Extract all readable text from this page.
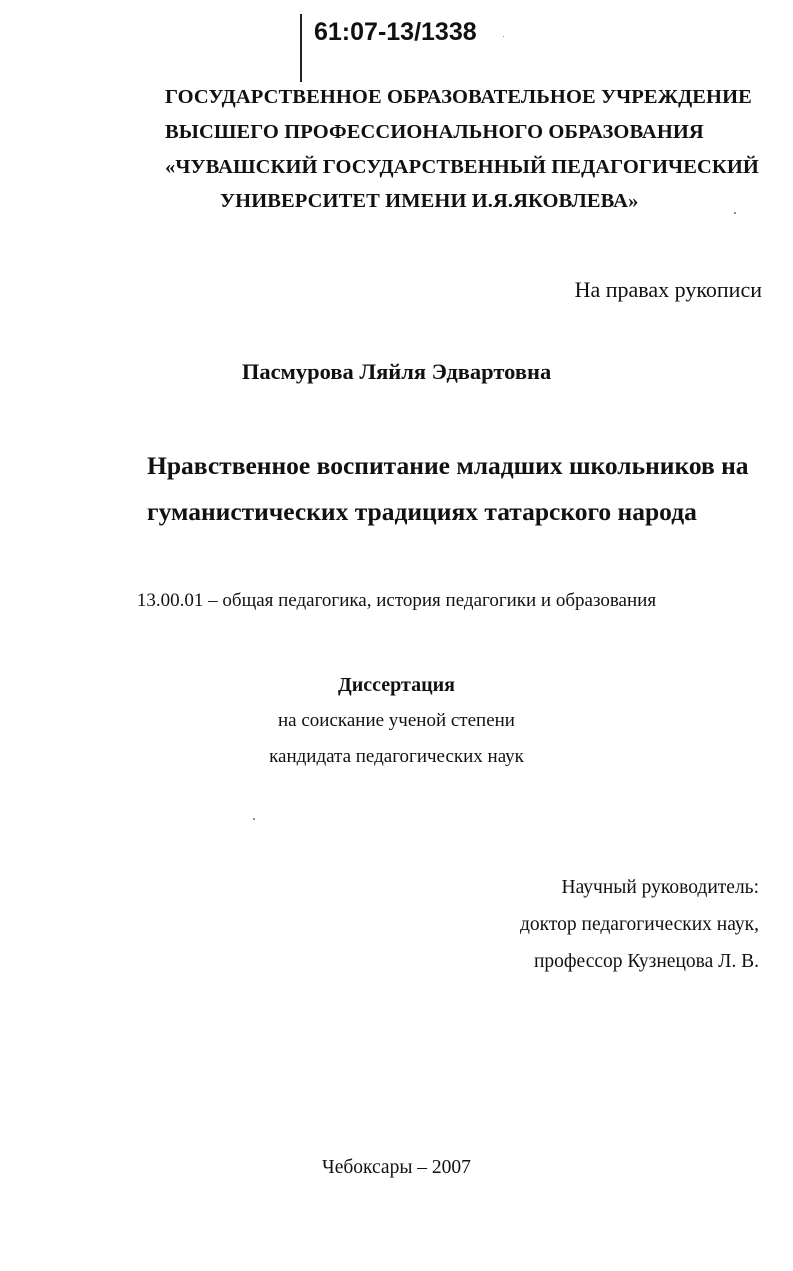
61:07-13/1338
ГОСУДАРСТВЕННОЕ ОБРАЗОВАТЕЛЬНОЕ УЧРЕЖДЕНИЕ
ВЫСШЕГО ПРОФЕССИОНАЛЬНОГО ОБРАЗОВАНИЯ
«ЧУВАШСКИЙ ГОСУДАРСТВЕННЫЙ ПЕДАГОГИЧЕСКИЙ
УНИВЕРСИТЕТ ИМЕНИ И.Я.ЯКОВЛЕВА»
На правах рукописи
Пасмурова Ляйля Эдвартовна
Нравственное воспитание младших школьников на
гуманистических традициях татарского народа
13.00.01 – общая педагогика, история педагогики и образования
Диссертация
на соискание ученой степени
кандидата педагогических наук
Научный руководитель:
доктор педагогических наук,
профессор Кузнецова Л. В.
Чебоксары – 2007
